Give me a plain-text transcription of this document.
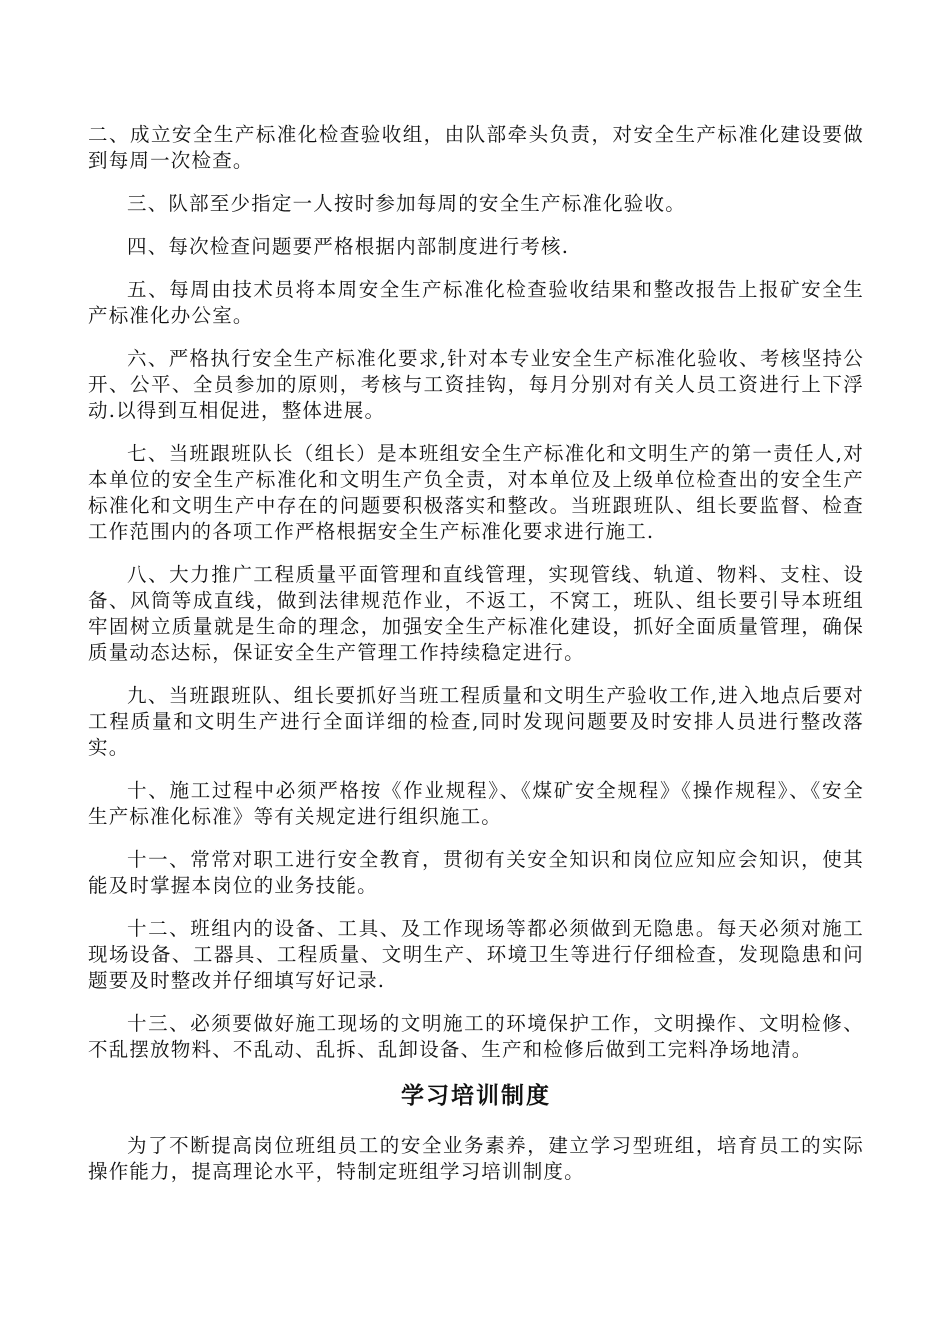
二、成立安全生产标准化检查验收组，由队部牵头负责，对安全生产标准化建设要做到每周一次检查。

三、队部至少指定一人按时参加每周的安全生产标准化验收。

四、每次检查问题要严格根据内部制度进行考核.

五、每周由技术员将本周安全生产标准化检查验收结果和整改报告上报矿安全生产标准化办公室。

六、严格执行安全生产标准化要求,针对本专业安全生产标准化验收、考核坚持公开、公平、全员参加的原则，考核与工资挂钩，每月分别对有关人员工资进行上下浮动.以得到互相促进，整体进展。

七、当班跟班队长（组长）是本班组安全生产标准化和文明生产的第一责任人,对本单位的安全生产标准化和文明生产负全责，对本单位及上级单位检查出的安全生产标准化和文明生产中存在的问题要积极落实和整改。当班跟班队、组长要监督、检查工作范围内的各项工作严格根据安全生产标准化要求进行施工.

八、大力推广工程质量平面管理和直线管理，实现管线、轨道、物料、支柱、设备、风筒等成直线，做到法律规范作业，不返工，不窝工，班队、组长要引导本班组牢固树立质量就是生命的理念，加强安全生产标准化建设，抓好全面质量管理，确保质量动态达标，保证安全生产管理工作持续稳定进行。

九、当班跟班队、组长要抓好当班工程质量和文明生产验收工作,进入地点后要对工程质量和文明生产进行全面详细的检查,同时发现问题要及时安排人员进行整改落实。

十、施工过程中必须严格按《作业规程》、《煤矿安全规程》《操作规程》、《安全生产标准化标准》等有关规定进行组织施工。

十一、常常对职工进行安全教育，贯彻有关安全知识和岗位应知应会知识，使其能及时掌握本岗位的业务技能。

十二、班组内的设备、工具、及工作现场等都必须做到无隐患。每天必须对施工现场设备、工器具、工程质量、文明生产、环境卫生等进行仔细检查，发现隐患和问题要及时整改并仔细填写好记录.

十三、必须要做好施工现场的文明施工的环境保护工作，文明操作、文明检修、不乱摆放物料、不乱动、乱拆、乱卸设备、生产和检修后做到工完料净场地清。

学习培训制度

为了不断提高岗位班组员工的安全业务素养，建立学习型班组，培育员工的实际操作能力，提高理论水平，特制定班组学习培训制度。
